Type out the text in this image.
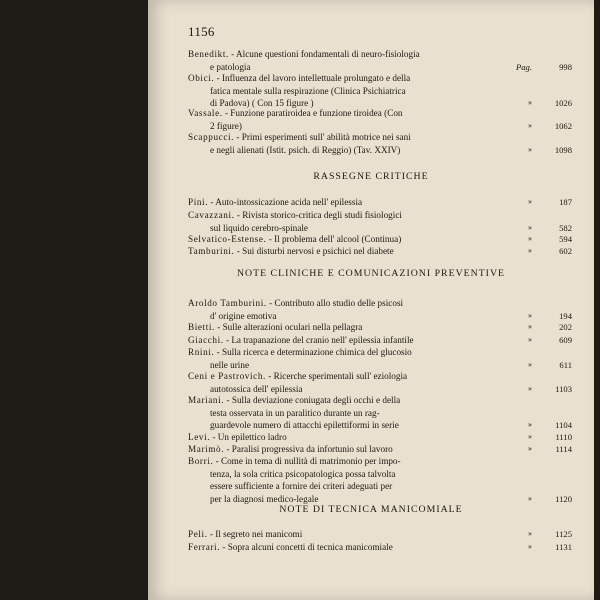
1156
Benedikt. - Alcune questioni fondamentali di neuro-fisiologia
e patologia	Pag.	998
Obici. - Influenza del lavoro intellettuale prolungato e della
fatica mentale sulla respirazione (Clinica Psichiatrica
di Padova) ( Con 15 figure )	»	1026
Vassale. - Funzione paratiroidea e funzione tiroidea (Con
2 figure)	»	1062
Scappucci. - Primi esperimenti sull' abilità motrice nei sani
e negli alienati (Istit. psich. di Reggio) (Tav. XXIV)	»	1098
RASSEGNE CRITICHE
Pini. - Auto-intossicazione acida nell' epilessia	»	187
Cavazzani. - Rivista storico-critica degli studi fisiologici
sul liquido cerebro-spinale	»	582
Selvatico-Estense. - Il problema dell' alcool (Continua)	»	594
Tamburini. - Sui disturbi nervosi e psichici nel diabete	»	602
NOTE CLINICHE E COMUNICAZIONI PREVENTIVE
Aroldo Tamburini. - Contributo allo studio delle psicosi
d' origine emotiva	»	194
Bietti. - Sulle alterazioni oculari nella pellagra	»	202
Giacchi. - La trapanazione del cranio nell' epilessia infantile	»	609
Rnini. - Sulla ricerca e determinazione chimica del glucosio
nelle urine	»	611
Ceni e Pastrovich. - Ricerche sperimentali sull' eziologia
autotossica dell' epilessia	»	1103
Mariani. - Sulla deviazione coniugata degli occhi e della
testa osservata in un paralitico durante un rag-
guardevole numero di attacchi epilettiformi in serie	»	1104
Levi. - Un epilettico ladro	»	1110
Marimò. - Paralisi progressiva da infortunio sul lavoro	»	1114
Borri. - Come in tema di nullità di matrimonio per impo-
tenza, la sola critica psicopatologica possa talvolta
essere sufficiente a fornire dei criteri adeguati per
per la diagnosi medico-legale	»	1120
NOTE DI TECNICA MANICOMIALE
Peli. - Il segreto nei manicomi	»	1125
Ferrari. - Sopra alcuni concetti di tecnica manicomiale	»	1131
